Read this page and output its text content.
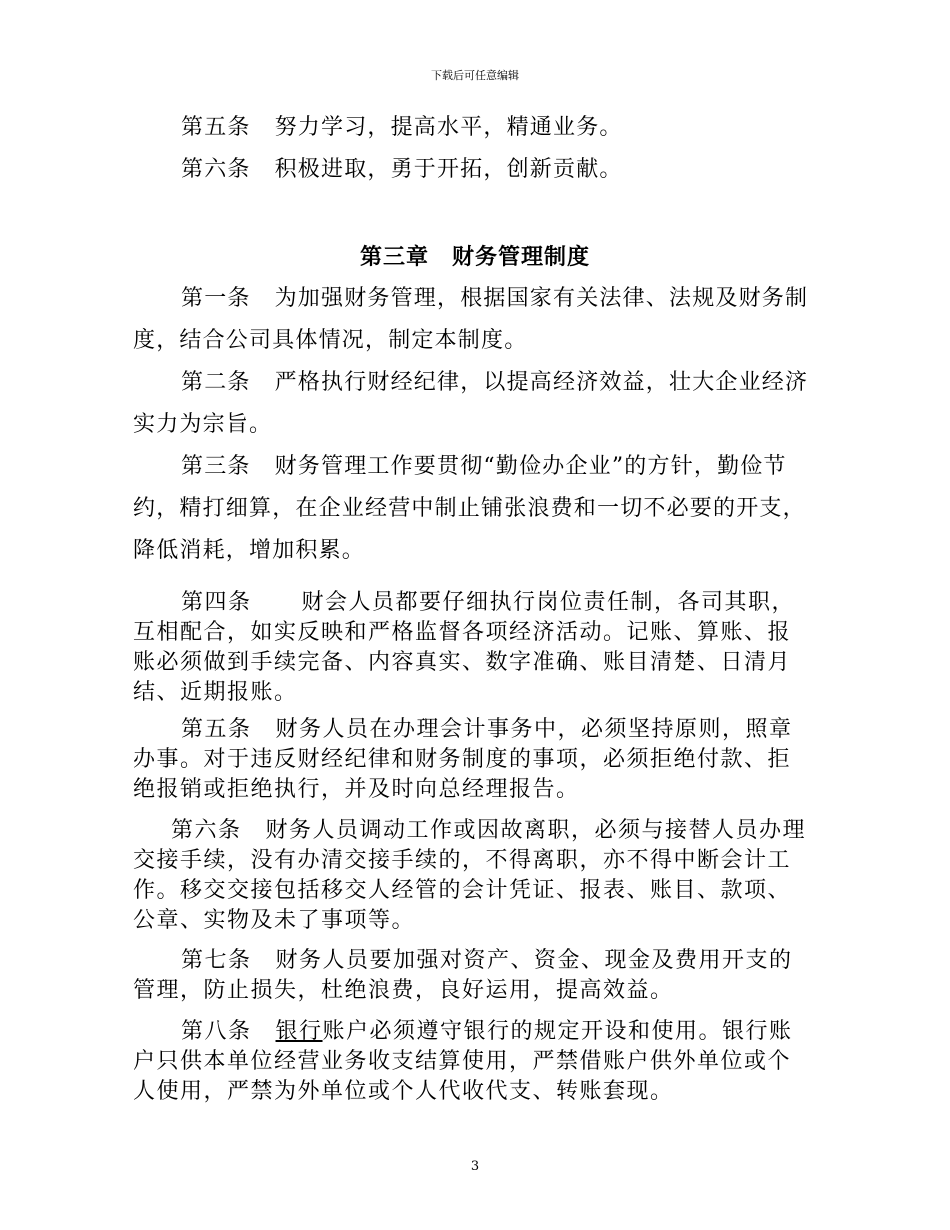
下载后可任意编辑

第五条 努力学习，提高水平，精通业务。

第六条 积极进取，勇于开拓，创新贡献。

第三章　财务管理制度

第一条 为加强财务管理，根据国家有关法律、法规及财务制度，结合公司具体情况，制定本制度。

第二条 严格执行财经纪律，以提高经济效益，壮大企业经济实力为宗旨。

第三条 财务管理工作要贯彻“勤俭办企业”的方针，勤俭节约，精打细算，在企业经营中制止铺张浪费和一切不必要的开支，降低消耗，增加积累。

第四条 财会人员都要仔细执行岗位责任制，各司其职，互相配合，如实反映和严格监督各项经济活动。记账、算账、报账必须做到手续完备、内容真实、数字准确、账目清楚、日清月结、近期报账。

第五条 财务人员在办理会计事务中，必须坚持原则，照章办事。对于违反财经纪律和财务制度的事项，必须拒绝付款、拒绝报销或拒绝执行，并及时向总经理报告。

第六条 财务人员调动工作或因故离职，必须与接替人员办理交接手续，没有办清交接手续的，不得离职，亦不得中断会计工作。移交交接包括移交人经管的会计凭证、报表、账目、款项、公章、实物及未了事项等。

第七条 财务人员要加强对资产、资金、现金及费用开支的管理，防止损失，杜绝浪费，良好运用，提高效益。

第八条 银行账户必须遵守银行的规定开设和使用。银行账户只供本单位经营业务收支结算使用，严禁借账户供外单位或个人使用，严禁为外单位或个人代收代支、转账套现。

3
